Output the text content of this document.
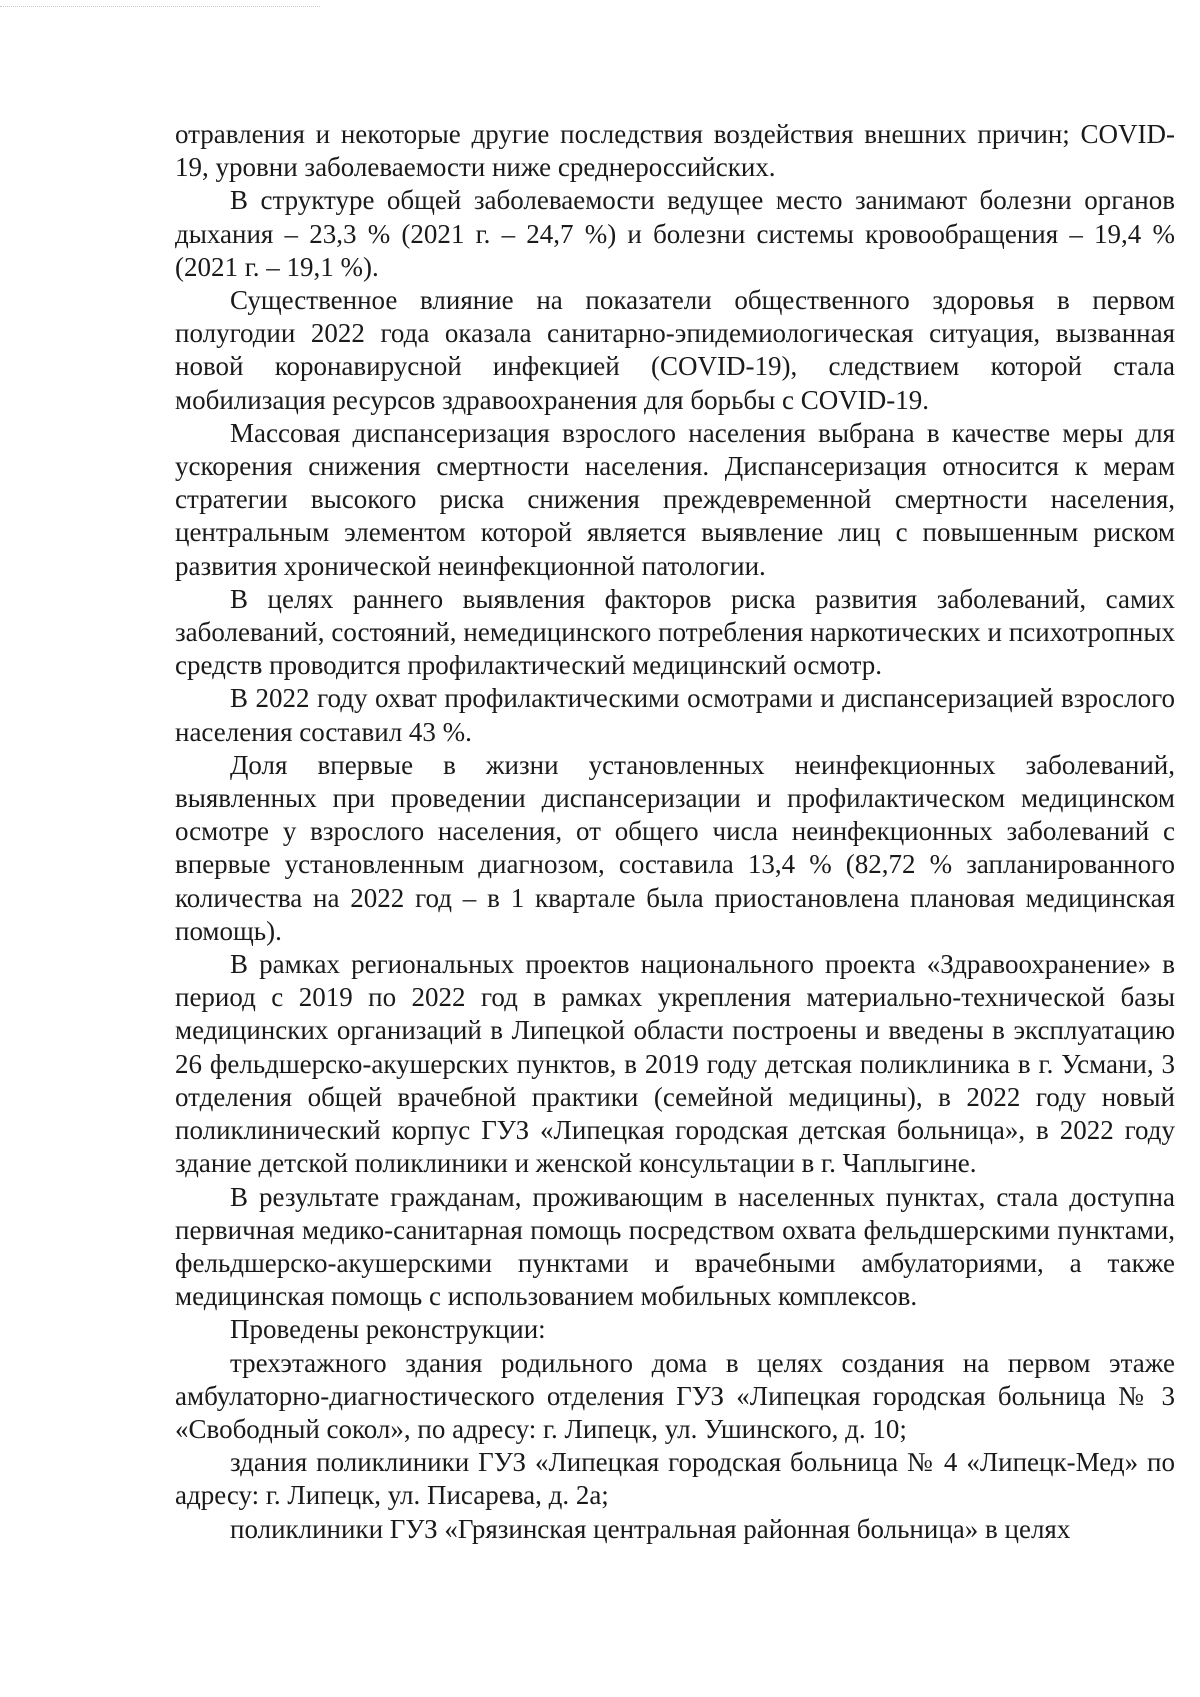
отравления и некоторые другие последствия воздействия внешних причин; COVID-19, уровни заболеваемости ниже среднероссийских.

В структуре общей заболеваемости ведущее место занимают болезни органов дыхания – 23,3 % (2021 г. – 24,7 %) и болезни системы кровообращения – 19,4 % (2021 г. – 19,1 %).

Существенное влияние на показатели общественного здоровья в первом полугодии 2022 года оказала санитарно-эпидемиологическая ситуация, вызванная новой коронавирусной инфекцией (COVID-19), следствием которой стала мобилизация ресурсов здравоохранения для борьбы с COVID-19.

Массовая диспансеризация взрослого населения выбрана в качестве меры для ускорения снижения смертности населения. Диспансеризация относится к мерам стратегии высокого риска снижения преждевременной смертности населения, центральным элементом которой является выявление лиц с повышенным риском развития хронической неинфекционной патологии.

В целях раннего выявления факторов риска развития заболеваний, самих заболеваний, состояний, немедицинского потребления наркотических и психотропных средств проводится профилактический медицинский осмотр.

В 2022 году охват профилактическими осмотрами и диспансеризацией взрослого населения составил 43 %.

Доля впервые в жизни установленных неинфекционных заболеваний, выявленных при проведении диспансеризации и профилактическом медицинском осмотре у взрослого населения, от общего числа неинфекционных заболеваний с впервые установленным диагнозом, составила 13,4 % (82,72 % запланированного количества на 2022 год – в 1 квартале была приостановлена плановая медицинская помощь).

В рамках региональных проектов национального проекта «Здравоохранение» в период с 2019 по 2022 год в рамках укрепления материально-технической базы медицинских организаций в Липецкой области построены и введены в эксплуатацию 26 фельдшерско-акушерских пунктов, в 2019 году детская поликлиника в г. Усмани, 3 отделения общей врачебной практики (семейной медицины), в 2022 году новый поликлинический корпус ГУЗ «Липецкая городская детская больница», в 2022 году здание детской поликлиники и женской консультации в г. Чаплыгине.

В результате гражданам, проживающим в населенных пунктах, стала доступна первичная медико-санитарная помощь посредством охвата фельдшерскими пунктами, фельдшерско-акушерскими пунктами и врачебными амбулаториями, а также медицинская помощь с использованием мобильных комплексов.

Проведены реконструкции:

трехэтажного здания родильного дома в целях создания на первом этаже амбулаторно-диагностического отделения ГУЗ «Липецкая городская больница № 3 «Свободный сокол», по адресу: г. Липецк, ул. Ушинского, д. 10;

здания поликлиники ГУЗ «Липецкая городская больница № 4 «Липецк-Мед» по адресу: г. Липецк, ул. Писарева, д. 2а;

поликлиники ГУЗ «Грязинская центральная районная больница» в целях
